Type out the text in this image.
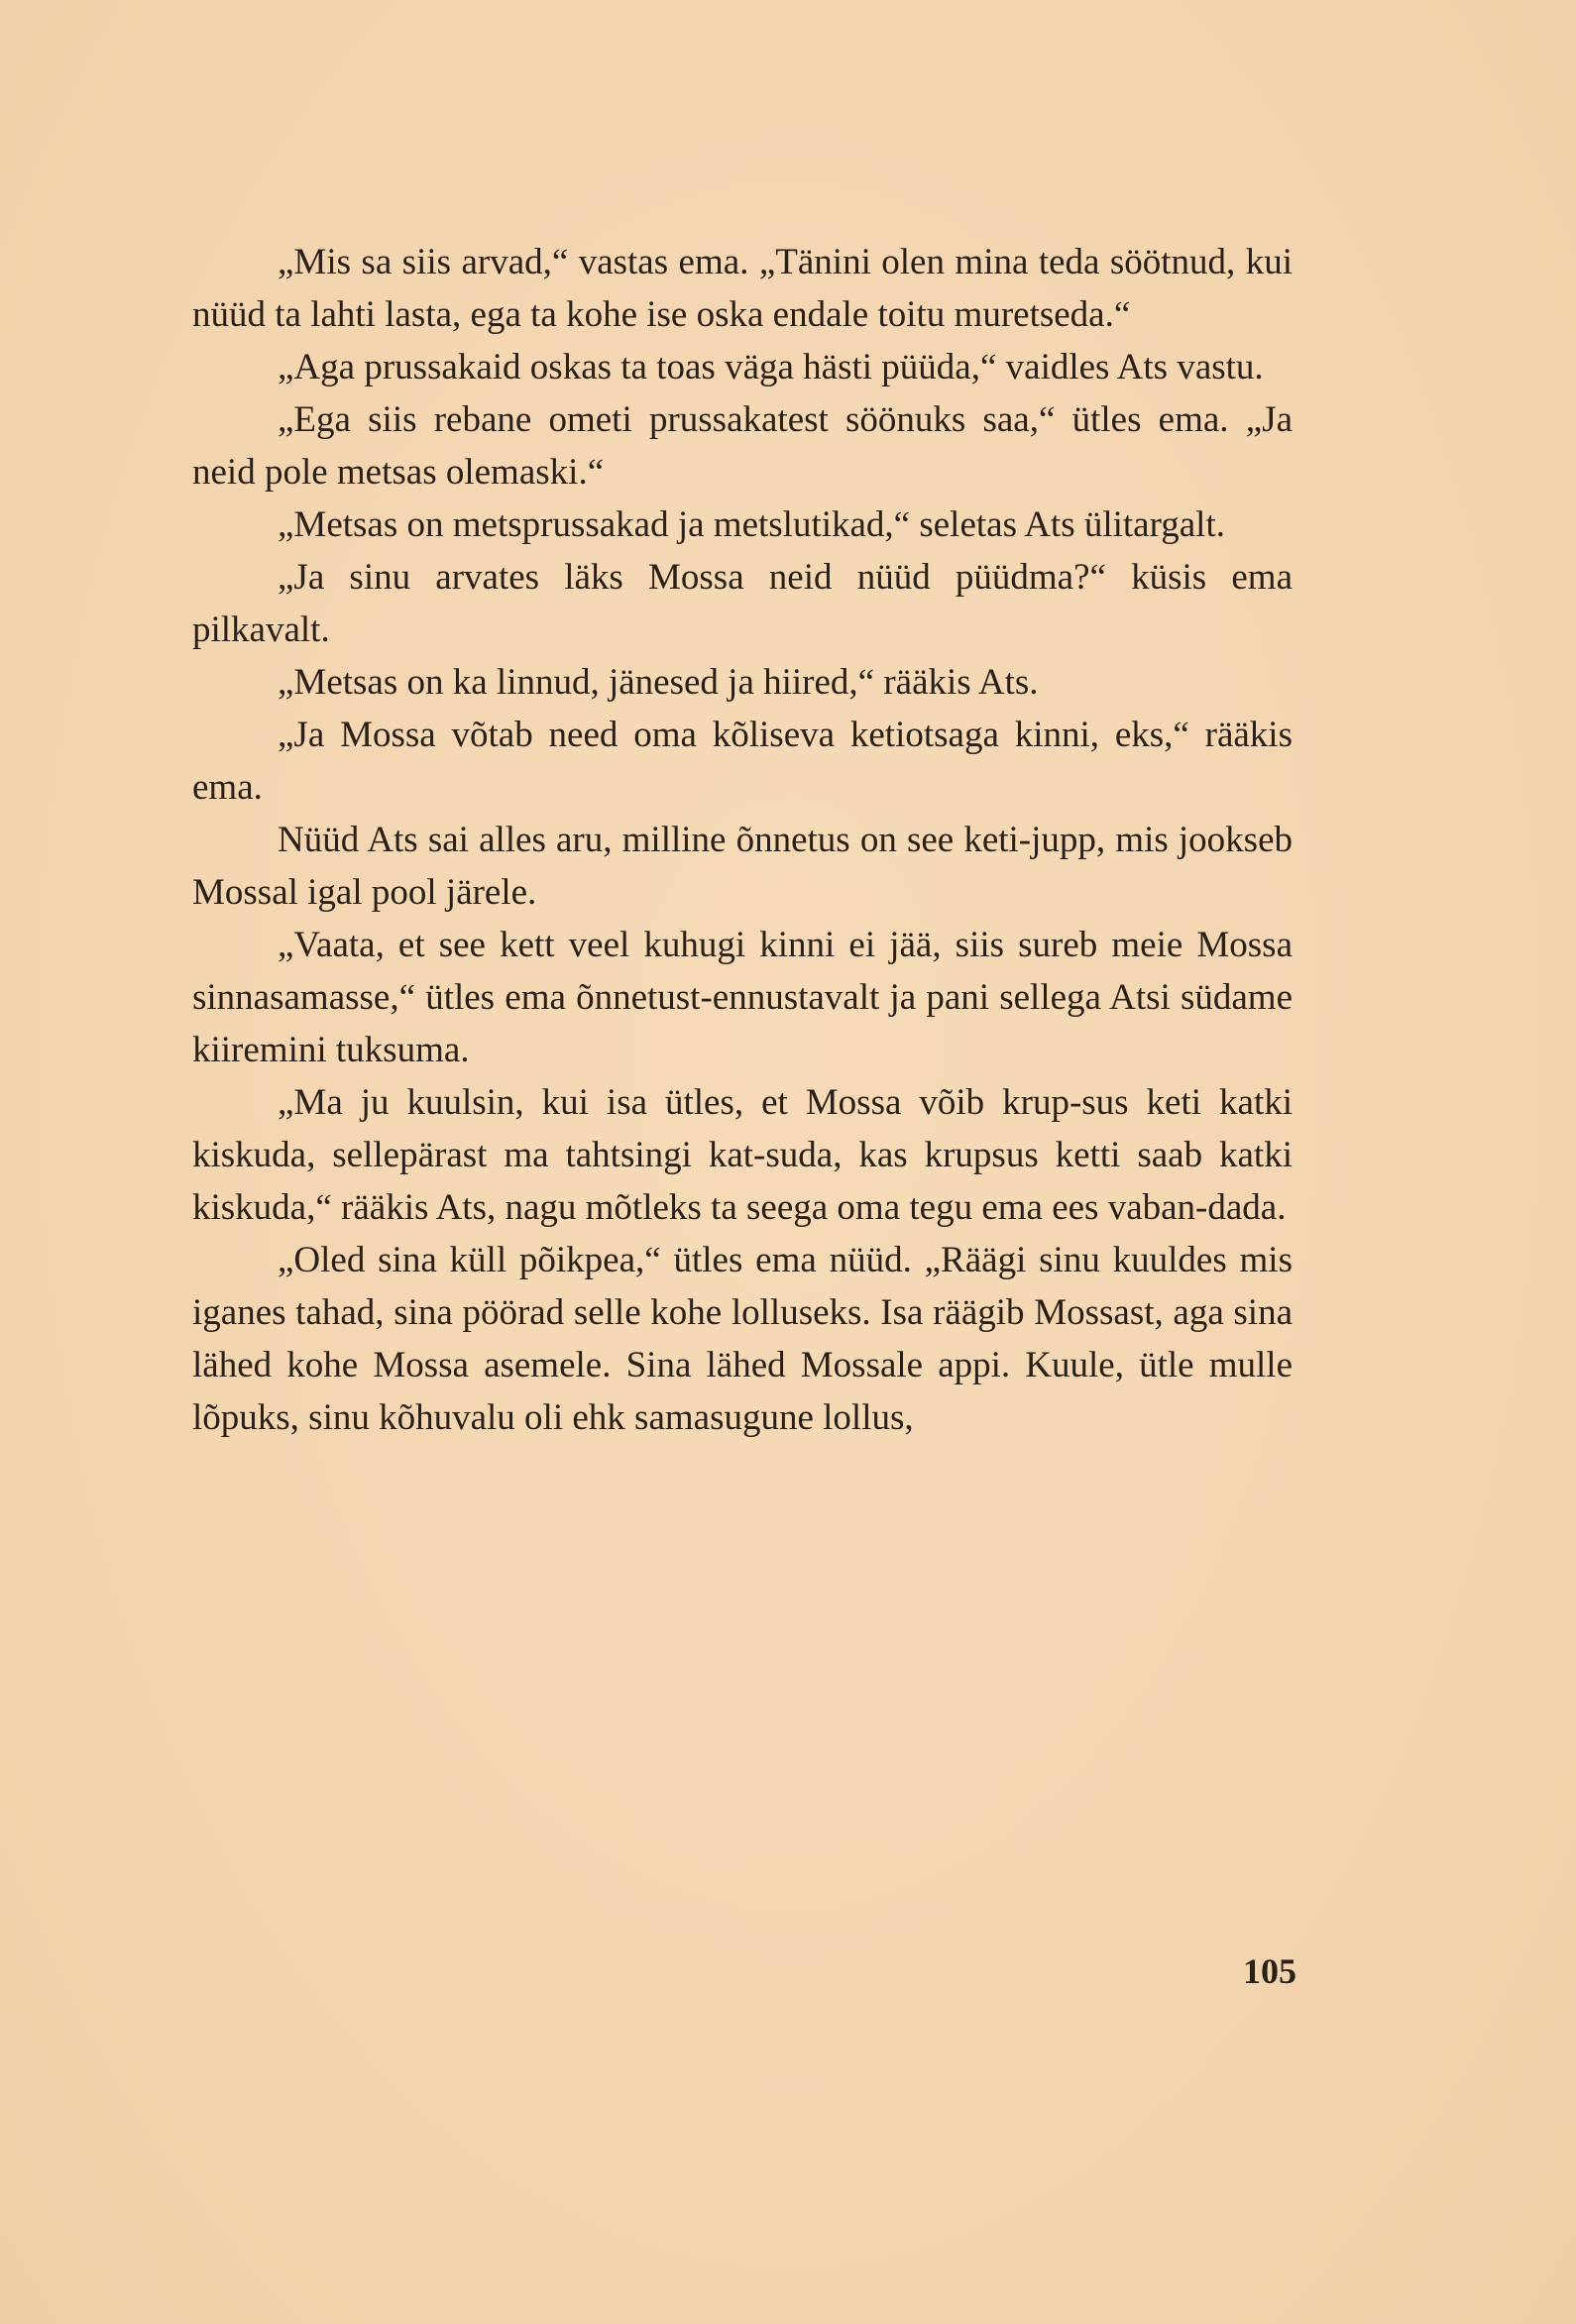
„Mis sa siis arvad,“ vastas ema. „Tänini olen mina teda söötnud, kui nüüd ta lahti lasta, ega ta kohe ise oska endale toitu muretseda.“

„Aga prussakaid oskas ta toas väga hästi püüda,“ vaidles Ats vastu.

„Ega siis rebane ometi prussakatest söönuks saa,“ ütles ema. „Ja neid pole metsas olemaski.“

„Metsas on metsprussakad ja metslutikad,“ seletas Ats ülitargalt.

„Ja sinu arvates läks Mossa neid nüüd püüdma?“ küsis ema pilkavalt.

„Metsas on ka linnud, jänesed ja hiired,“ rääkis Ats.

„Ja Mossa võtab need oma kõliseva ketiotsaga kinni, eks,“ rääkis ema.

Nüüd Ats sai alles aru, milline õnnetus on see keti-jupp, mis jookseb Mossal igal pool järele.

„Vaata, et see kett veel kuhugi kinni ei jää, siis sureb meie Mossa sinnasamasse,“ ütles ema õnnetust-ennustavalt ja pani sellega Atsi südame kiiremini tuksuma.

„Ma ju kuulsin, kui isa ütles, et Mossa võib krup-sus keti katki kiskuda, sellepärast ma tahtsingi kat-suda, kas krupsus ketti saab katki kiskuda,“ rääkis Ats, nagu mõtleks ta seega oma tegu ema ees vaban-dada.

„Oled sina küll põikpea,“ ütles ema nüüd. „Räägi sinu kuuldes mis iganes tahad, sina pöörad selle kohe lolluseks. Isa räägib Mossast, aga sina lähed kohe Mossa asemele. Sina lähed Mossale appi. Kuule, ütle mulle lõpuks, sinu kõhuvalu oli ehk samasugune lollus,

105
